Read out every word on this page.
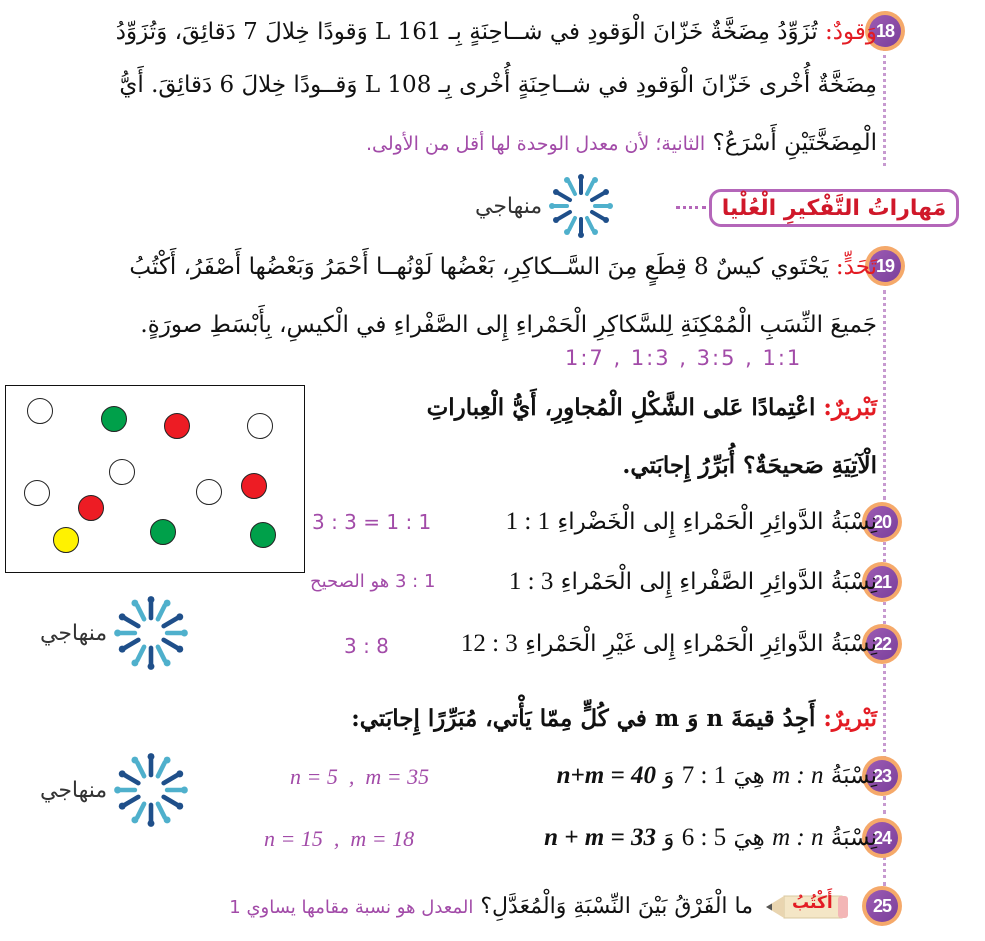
18
وَقودٌ: تُزَوِّدُ مِضَخَّةٌ خَزّانَ الْوَقودِ في شــاحِنَةٍ بِـ L 161 وَقودًا خِلالَ 7 دَقائِقَ، وَتُزَوِّدُ
مِضَخَّةٌ أُخْرى خَزّانَ الْوَقودِ في شــاحِنَةٍ أُخْرى بِـ L 108 وَقــودًا خِلالَ 6 دَقائِقَ. أَيُّ
الْمِضَخَّتَيْنِ أَسْرَعُ؟ الثانية؛ لأن معدل الوحدة لها أقل من الأولى.
مَهاراتُ التَّفْكيرِ الْعُلْيا
منهاجي
19
تَحَدٍّ: يَحْتَوي كيسٌ 8 قِطَعٍ مِنَ السَّــكاكِرِ، بَعْضُها لَوْنُهــا أَحْمَرُ وَبَعْضُها أَصْفَرُ، أَكْتُبُ
جَميعَ النِّسَبِ الْمُمْكِنَةِ لِلسَّكاكِرِ الْحَمْراءِ إِلى الصَّفْراءِ في الْكيسِ، بِأَبْسَطِ صورَةٍ.
1:7 , 1:3 , 3:5 , 1:1
تَبْريرٌ: اعْتِمادًا عَلى الشَّكْلِ الْمُجاوِرِ، أَيُّ الْعِباراتِ
الْآتِيَةِ صَحيحَةٌ؟ أُبَرِّرُ إِجابَتي.
20
نِسْبَةُ الدَّوائِرِ الْحَمْراءِ إِلى الْخَضْراءِ 1 : 1
3 : 3 = 1 : 1
21
نِسْبَةُ الدَّوائِرِ الصَّفْراءِ إِلى الْحَمْراءِ 3 : 1
1 : 3 هو الصحيح
22
نِسْبَةُ الدَّوائِرِ الْحَمْراءِ إِلى غَيْرِ الْحَمْراءِ 3 : 12
3 : 8
منهاجي
تَبْريرٌ: أَجِدُ قيمَةَ n وَ m في كُلٍّ مِمّا يَأْتي، مُبَرِّرًا إِجابَتي:
23
نِسْبَةُ m : n هِيَ 1 : 7 وَ n+m = 40
n = 5  ,  m = 35
24
نِسْبَةُ m : n هِيَ 5 : 6 وَ n + m = 33
n = 15  ,  m = 18
منهاجي
25
أَكْتُبُ
ما الْفَرْقُ بَيْنَ النِّسْبَةِ وَالْمُعَدَّلِ؟ المعدل هو نسبة مقامها يساوي 1
